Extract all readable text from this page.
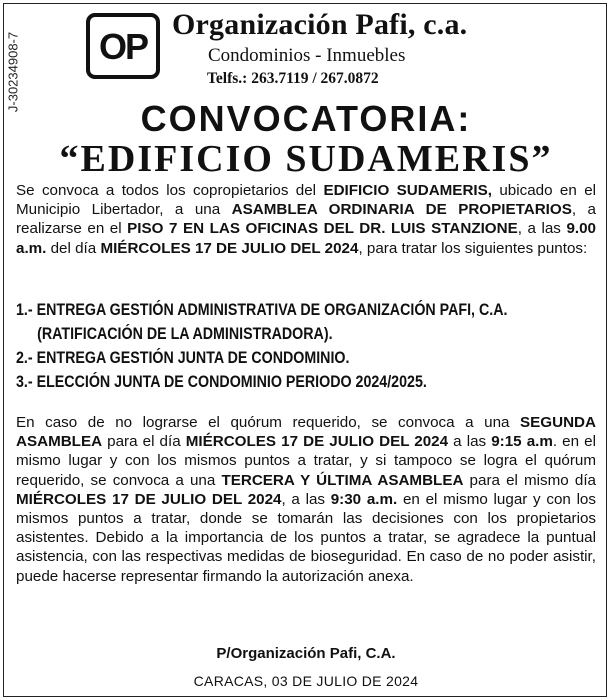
J-30234908-7 OP
Organización Pafi, c.a.
Condominios - Inmuebles
Telfs.: 263.7119 / 267.0872
CONVOCATORIA:
“EDIFICIO SUDAMERIS”
Se convoca a todos los copropietarios del EDIFICIO SUDAMERIS, ubicado en el Municipio Libertador, a una ASAMBLEA ORDINARIA DE PROPIETARIOS, a realizarse en el PISO 7 EN LAS OFICINAS DEL DR. LUIS STANZIONE, a las 9.00 a.m. del día MIÉRCOLES 17 DE JULIO DEL 2024, para tratar los siguientes puntos:
1.- ENTREGA GESTIÓN ADMINISTRATIVA DE ORGANIZACIÓN PAFI, C.A.
(RATIFICACIÓN DE LA ADMINISTRADORA).
2.- ENTREGA GESTIÓN JUNTA DE CONDOMINIO.
3.- ELECCIÓN JUNTA DE CONDOMINIO PERIODO 2024/2025.
En caso de no lograrse el quórum requerido, se convoca a una SEGUNDA ASAMBLEA para el día MIÉRCOLES 17 DE JULIO DEL 2024 a las 9:15 a.m. en el mismo lugar y con los mismos puntos a tratar, y si tampoco se logra el quórum requerido, se convoca a una TERCERA Y ÚLTIMA ASAMBLEA para el mismo día MIÉRCOLES 17 DE JULIO DEL 2024, a las 9:30 a.m. en el mismo lugar y con los mismos puntos a tratar, donde se tomarán las decisiones con los propietarios asistentes. Debido a la importancia de los puntos a tratar, se agradece la puntual asistencia, con las respectivas medidas de bioseguridad. En caso de no poder asistir, puede hacerse representar firmando la autorización anexa.
P/Organización Pafi, C.A.
CARACAS, 03 DE JULIO DE 2024
